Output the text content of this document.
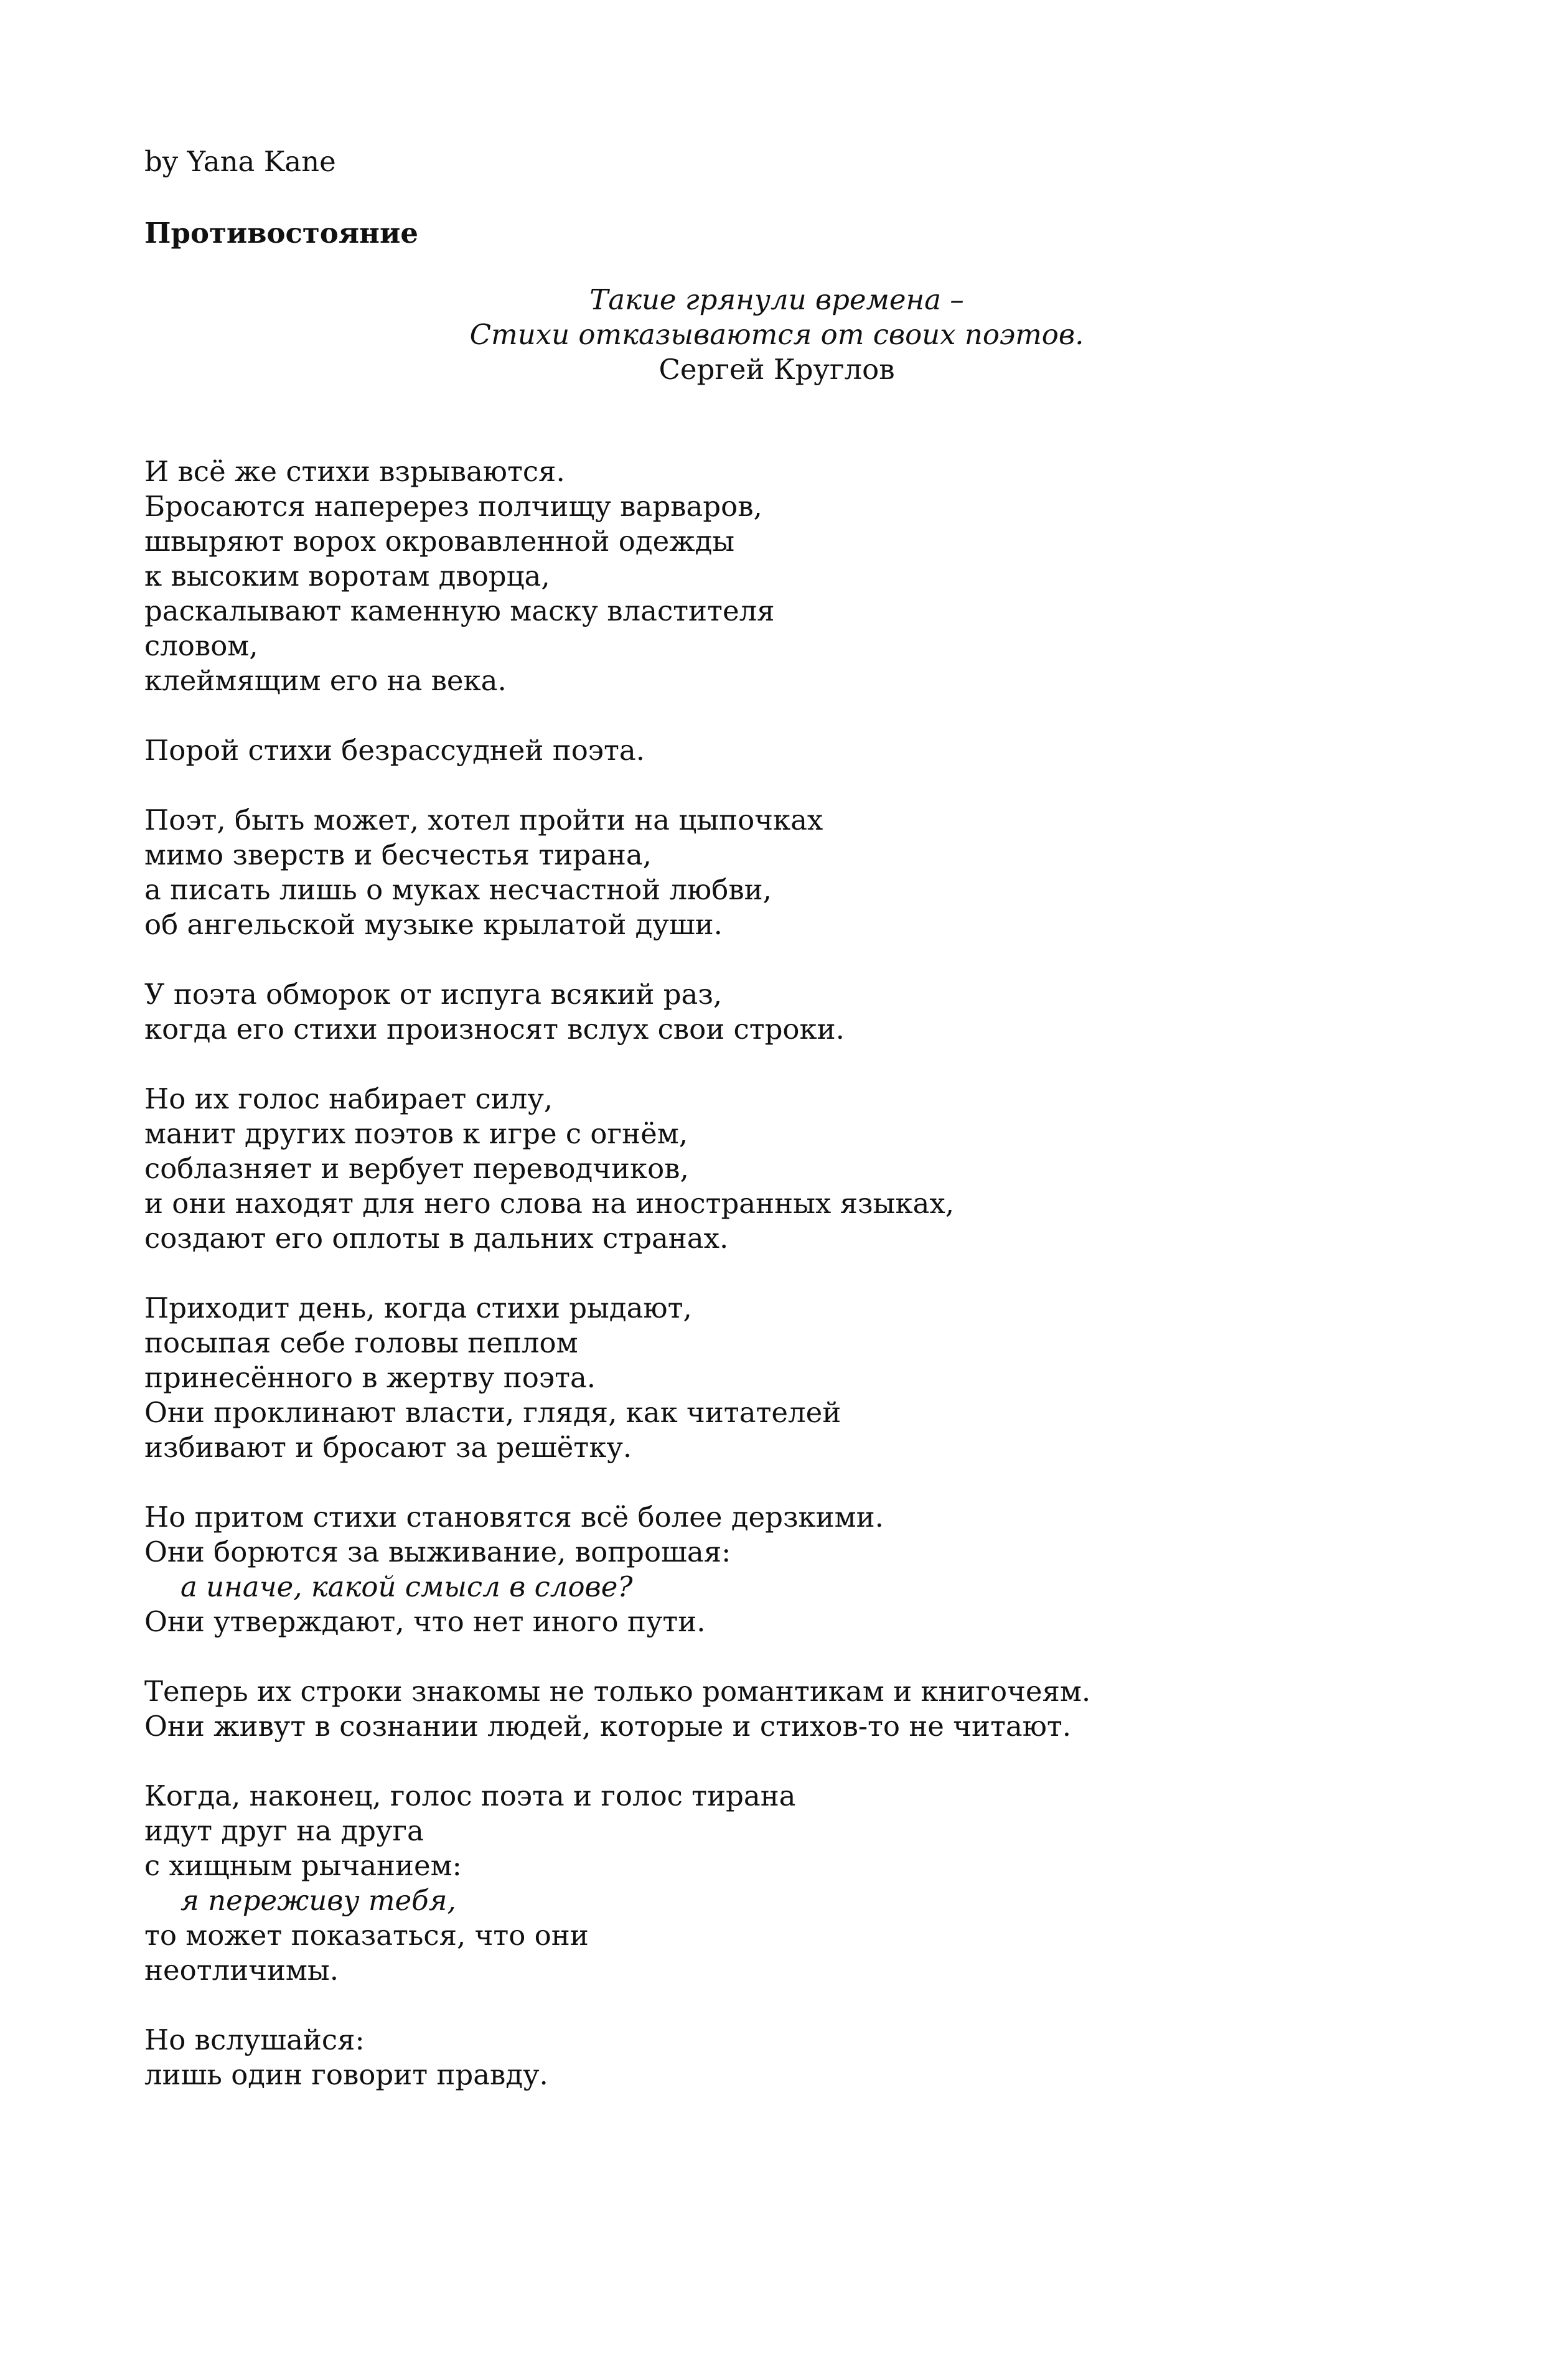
by Yana Kane

Противостояние

Такие грянули времена –
Стихи отказываются от своих поэтов.
Сергей Круглов
И всё же стихи взрываются.
Бросаются наперерез полчищу варваров,
швыряют ворох окровавленной одежды
к высоким воротам дворца,
раскалывают каменную маску властителя
словом,
клеймящим его на века.
Порой стихи безрассудней поэта.
Поэт, быть может, хотел пройти на цыпочках
мимо зверств и бесчестья тирана,
а писать лишь о муках несчастной любви,
об ангельской музыке крылатой души.
У поэта обморок от испуга всякий раз,
когда его стихи произносят вслух свои строки.
Но их голос набирает силу,
манит других поэтов к игре с огнём,
соблазняет и вербует переводчиков,
и они находят для него слова на иностранных языках,
создают его оплоты в дальних странах.
Приходит день, когда стихи рыдают,
посыпая себе головы пеплом
принесённого в жертву поэта.
Они проклинают власти, глядя, как читателей
избивают и бросают за решётку.
Но притом стихи становятся всё более дерзкими.
Они борются за выживание, вопрошая:
а иначе, какой смысл в слове?
Они утверждают, что нет иного пути.
Теперь их строки знакомы не только романтикам и книгочеям.
Они живут в сознании людей, которые и стихов-то не читают.
Когда, наконец, голос поэта и голос тирана
идут друг на друга
с хищным рычанием:
я переживу тебя,
то может показаться, что они
неотличимы.
Но вслушайся:
лишь один говорит правду.
